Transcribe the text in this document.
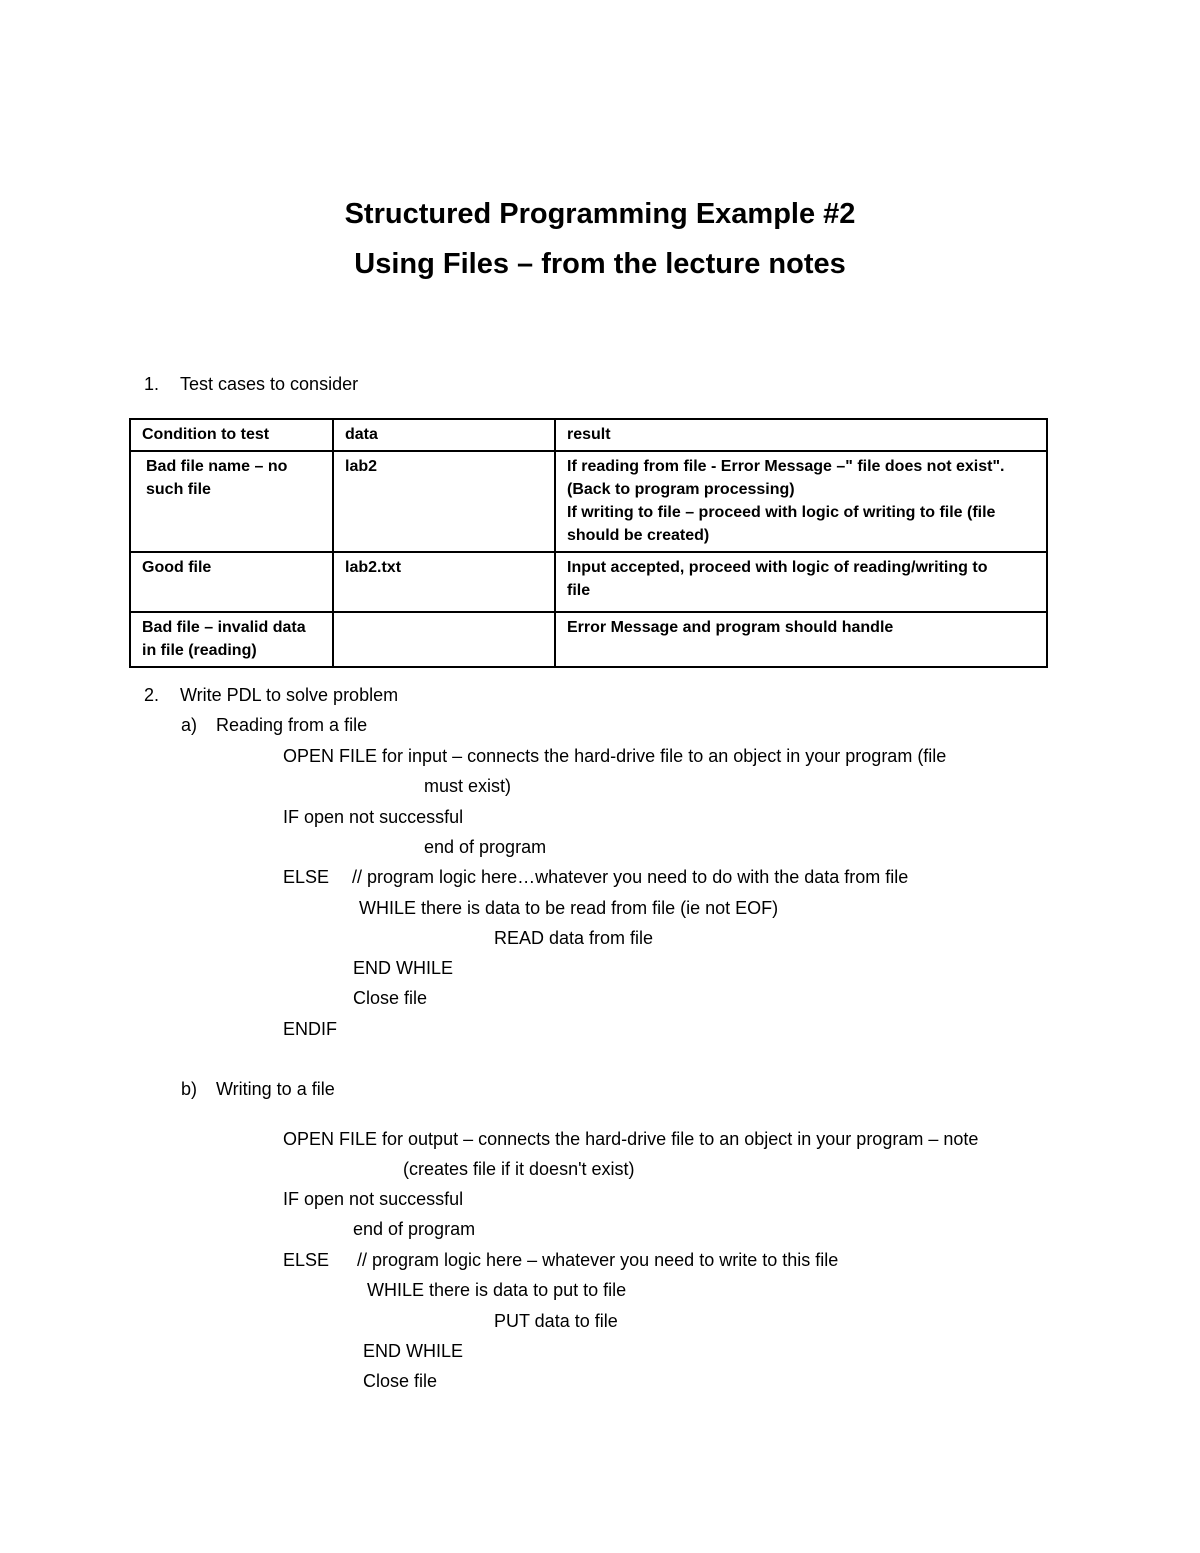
Structured Programming Example #2
Using Files – from the lecture notes
1. Test cases to consider
Condition to test	data	result
Bad file name – no
such file	lab2	If reading from file - Error Message –" file does not exist".
(Back to program processing)
If writing to file – proceed with logic of writing to file (file
should be created)
Good file	lab2.txt	Input accepted, proceed with logic of reading/writing to
file
Bad file – invalid data
in file (reading)		Error Message and program should handle
2. Write PDL to solve problem
a) Reading from a file
OPEN FILE for input – connects the hard-drive file to an object in your program (file
must exist)
IF open not successful
end of program
ELSE // program logic here…whatever you need to do with the data from file
WHILE there is data to be read from file (ie not EOF)
READ data from file
END WHILE
Close file
ENDIF
b) Writing to a file
OPEN FILE for output – connects the hard-drive file to an object in your program – note
(creates file if it doesn't exist)
IF open not successful
end of program
ELSE // program logic here – whatever you need to write to this file
WHILE there is data to put to file
PUT data to file
END WHILE
Close file
